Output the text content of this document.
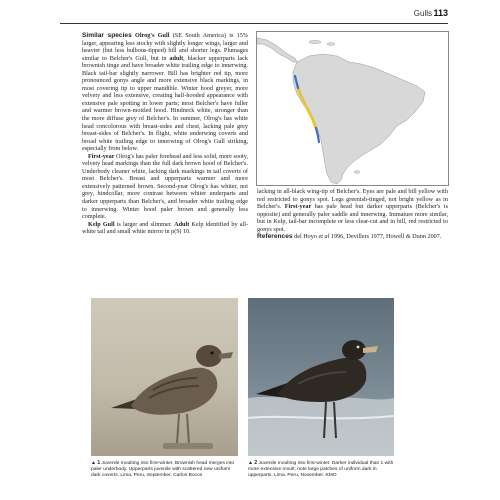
Gulls 113

Similar species Olrog's Gull (SE South America) is 15% larger, appearing less stocky with slightly longer wings, larger and heavier (but less bulbous-tipped) bill and shorter legs. Plumages similar to Belcher's Gull, but in adult, blacker upperparts lack brownish tinge and have broader white trailing edge to innerwing. Black tail-bar slightly narrower. Bill has brighter red tip, more pronounced gonys angle and more extensive black markings, in most covering tip to upper mandible. Winter hood greyer, more velvety and less extensive, creating half-hooded appearance with extensive pale spotting in lower parts; most Belcher's have fuller and warmer brown-mottled hood. Hindneck white, stronger than the more diffuse grey of Belcher's. In summer, Olrog's has white head concolorous with breast-sides and chest, lacking pale grey breast-sides of Belcher's. In flight, white underwing coverts and broad white trailing edge to innerwing of Olrog's Gull striking, especially from below.

First-year Olrog's has paler forehead and less solid, more sooty, velvety head markings than the full dark brown hood of Belcher's. Underbody cleaner white, lacking dark markings in tail coverts of most Belcher's. Breast and upperparts warmer and more extensively patterned brown. Second-year Olrog's has whiter, not grey, hindcollar, more contrast between whiter underparts and darker upperparts than Belcher's, and broader white trailing edge to innerwing. Winter hood paler brown and generally less complete.

Kelp Gull is larger and slimmer. Adult Kelp identified by all-white tail and small white mirror in p(9) 10.

lacking in all-black wing-tip of Belcher's. Eyes are pale and bill yellow with red restricted to gonys spot. Legs greenish-tinged, not bright yellow as in Belcher's. First-year has pale head but darker upperparts (Belcher's is opposite) and generally paler saddle and innerwing. Immature more similar, but in Kelp, tail-bar incomplete or less clear-cut and in bill, red restricted to gonys spot.

References del Hoyo et al 1996, Devillers 1977, Howell & Dunn 2007.

▲ 1 Juvenile moulting into first-winter. Brownish head merges into paler underbody. Upperparts juvenile with scattered new uniform dark coverts. Lima, Peru, September. Carlos Bocos
▲ 2 Juvenile moulting into first-winter. Darker individual than 1 with more extensive moult; note large patches of uniform dark in upperparts. Lima, Peru, November. KMO
